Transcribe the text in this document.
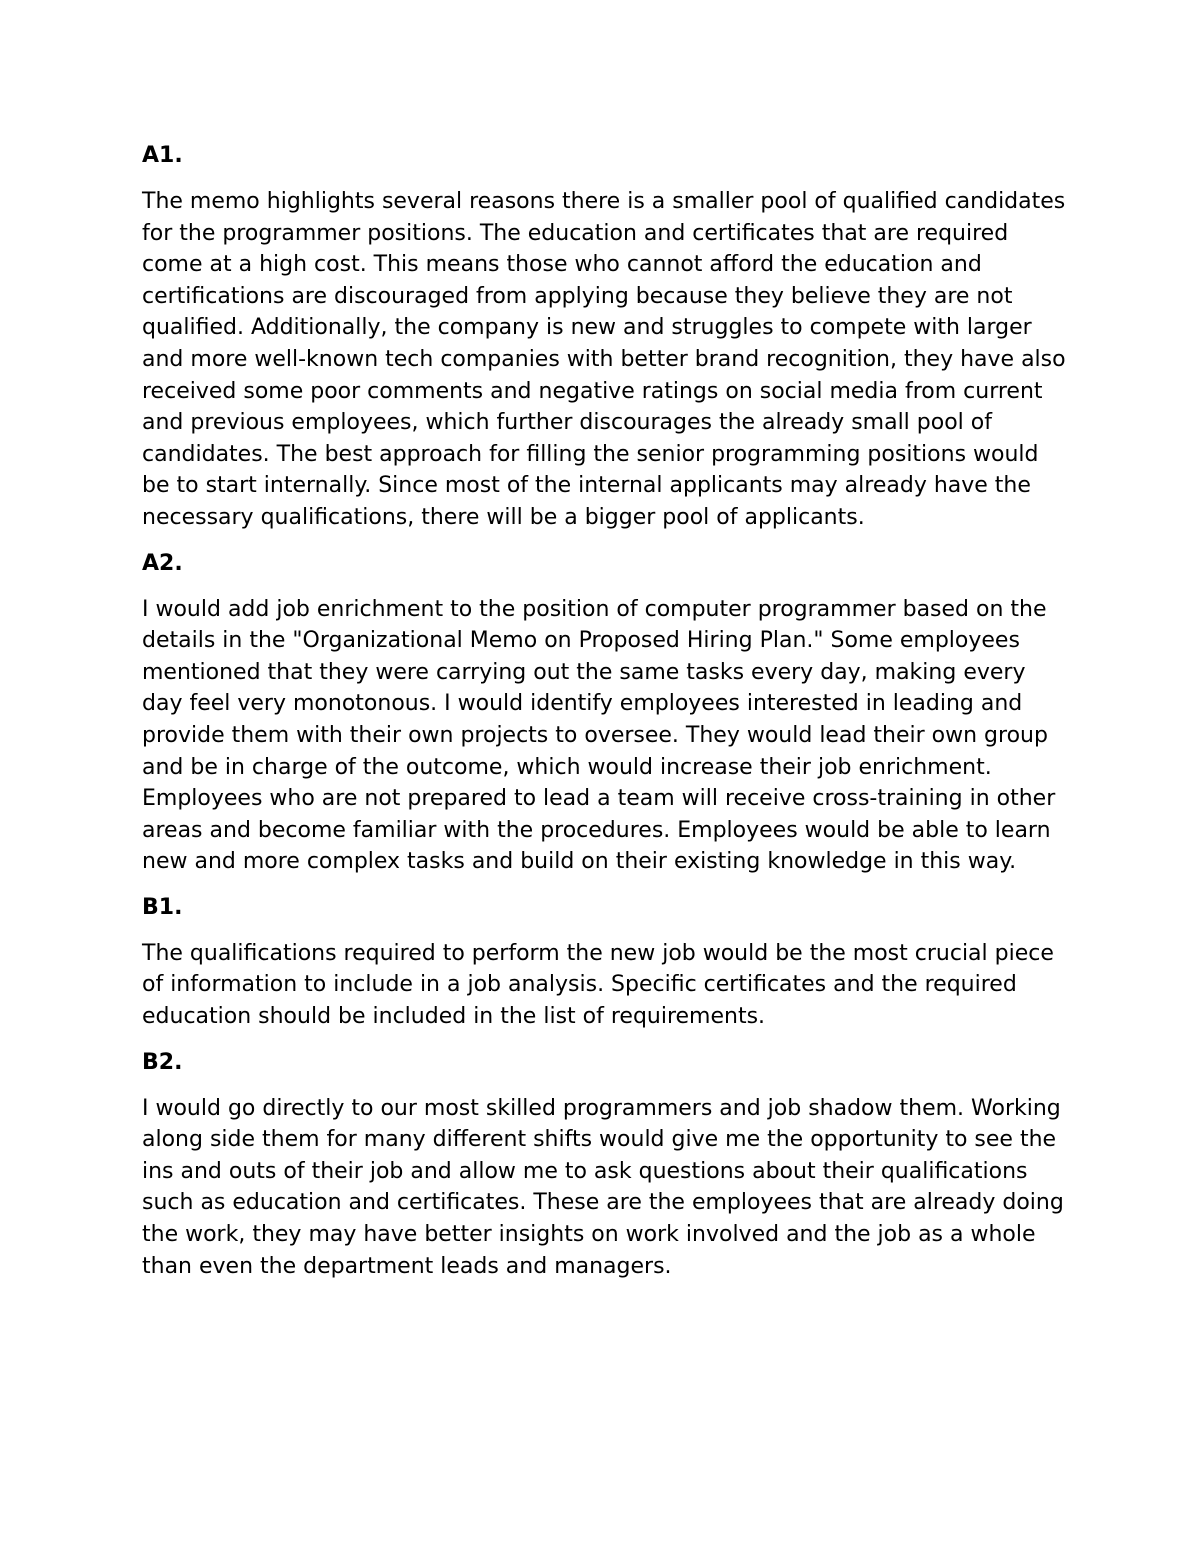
A1.

The memo highlights several reasons there is a smaller pool of qualified candidates for the programmer positions. The education and certificates that are required come at a high cost. This means those who cannot afford the education and certifications are discouraged from applying because they believe they are not qualified. Additionally, the company is new and struggles to compete with larger and more well-known tech companies with better brand recognition, they have also received some poor comments and negative ratings on social media from current and previous employees, which further discourages the already small pool of candidates. The best approach for filling the senior programming positions would be to start internally. Since most of the internal applicants may already have the necessary qualifications, there will be a bigger pool of applicants.

A2.

I would add job enrichment to the position of computer programmer based on the details in the "Organizational Memo on Proposed Hiring Plan." Some employees mentioned that they were carrying out the same tasks every day, making every day feel very monotonous. I would identify employees interested in leading and provide them with their own projects to oversee. They would lead their own group and be in charge of the outcome, which would increase their job enrichment. Employees who are not prepared to lead a team will receive cross-training in other areas and become familiar with the procedures. Employees would be able to learn new and more complex tasks and build on their existing knowledge in this way.

B1.

The qualifications required to perform the new job would be the most crucial piece of information to include in a job analysis. Specific certificates and the required education should be included in the list of requirements.

B2.

I would go directly to our most skilled programmers and job shadow them. Working along side them for many different shifts would give me the opportunity to see the ins and outs of their job and allow me to ask questions about their qualifications such as education and certificates. These are the employees that are already doing the work, they may have better insights on work involved and the job as a whole than even the department leads and managers.
